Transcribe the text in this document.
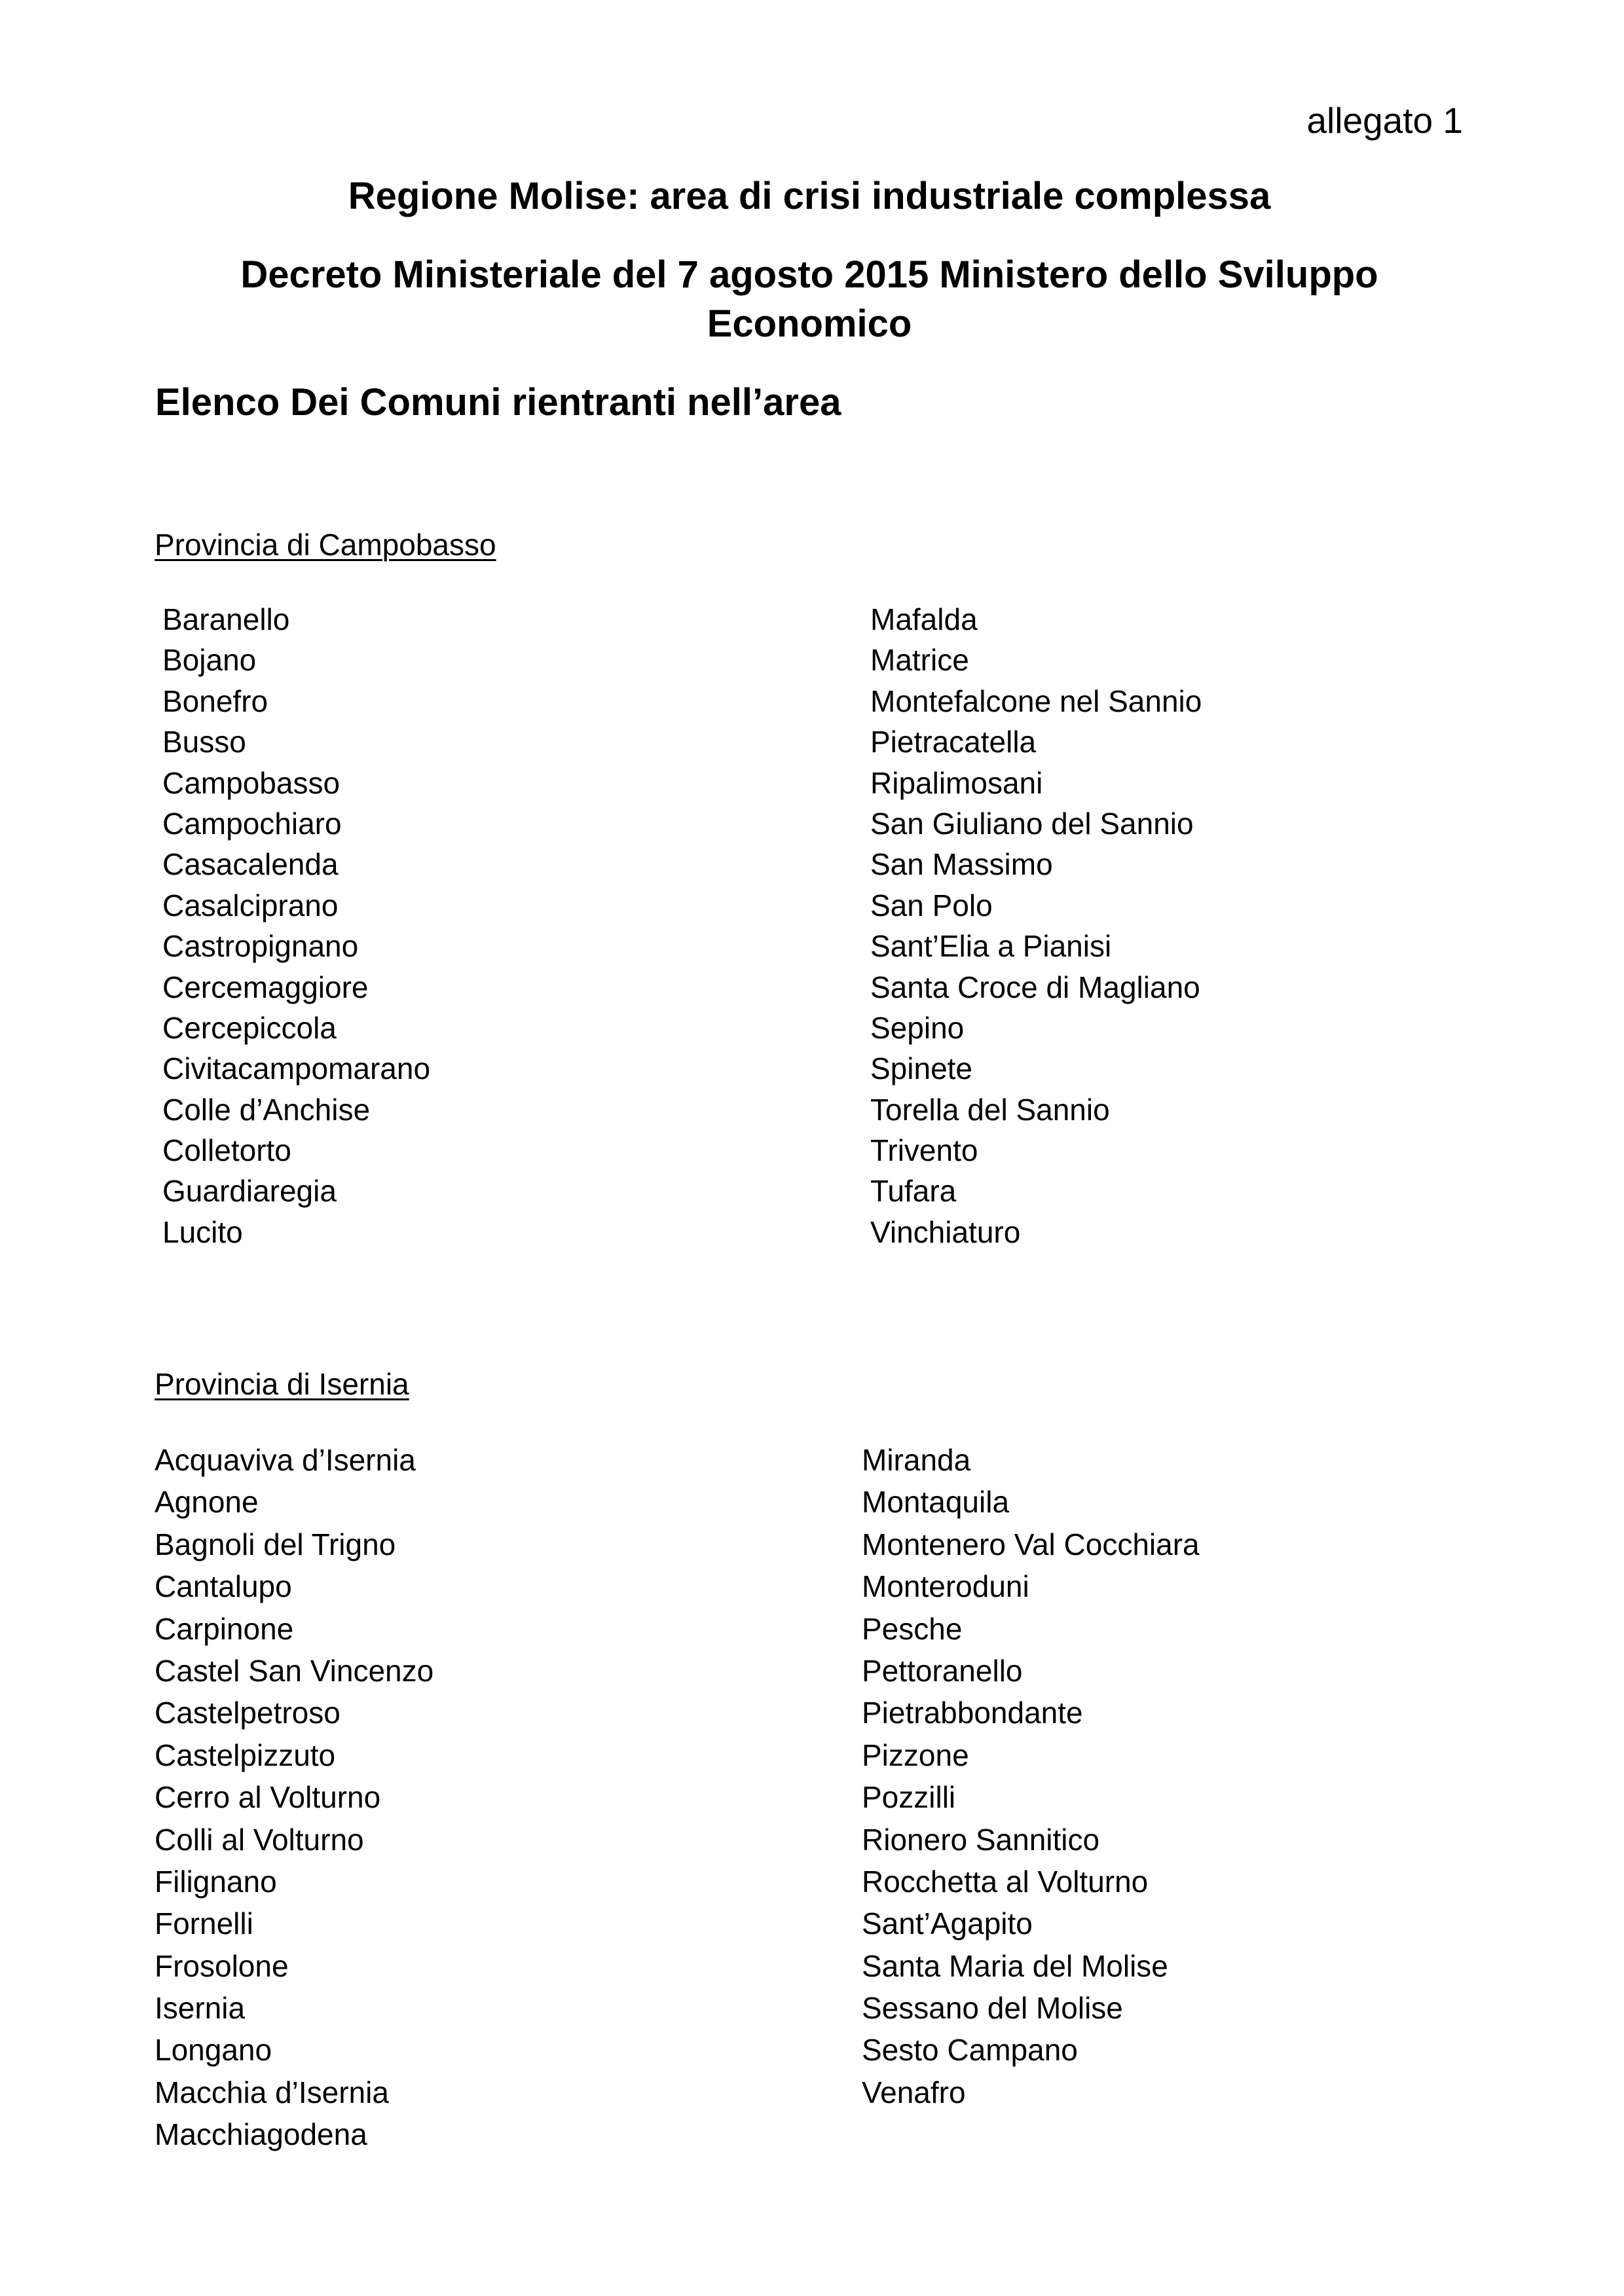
allegato 1
Regione Molise: area di crisi industriale complessa
Decreto Ministeriale del 7 agosto 2015 Ministero dello Sviluppo
Economico
Elenco Dei Comuni rientranti nell’area
Provincia di Campobasso
Baranello
Bojano
Bonefro
Busso
Campobasso
Campochiaro
Casacalenda
Casalciprano
Castropignano
Cercemaggiore
Cercepiccola
Civitacampomarano
Colle d’Anchise
Colletorto
Guardiaregia
Lucito
Mafalda
Matrice
Montefalcone nel Sannio
Pietracatella
Ripalimosani
San Giuliano del Sannio
San Massimo
San Polo
Sant’Elia a Pianisi
Santa Croce di Magliano
Sepino
Spinete
Torella del Sannio
Trivento
Tufara
Vinchiaturo
Provincia di Isernia
Acquaviva d’Isernia
Agnone
Bagnoli del Trigno
Cantalupo
Carpinone
Castel San Vincenzo
Castelpetroso
Castelpizzuto
Cerro al Volturno
Colli al Volturno
Filignano
Fornelli
Frosolone
Isernia
Longano
Macchia d’Isernia
Macchiagodena
Miranda
Montaquila
Montenero Val Cocchiara
Monteroduni
Pesche
Pettoranello
Pietrabbondante
Pizzone
Pozzilli
Rionero Sannitico
Rocchetta al Volturno
Sant’Agapito
Santa Maria del Molise
Sessano del Molise
Sesto Campano
Venafro
